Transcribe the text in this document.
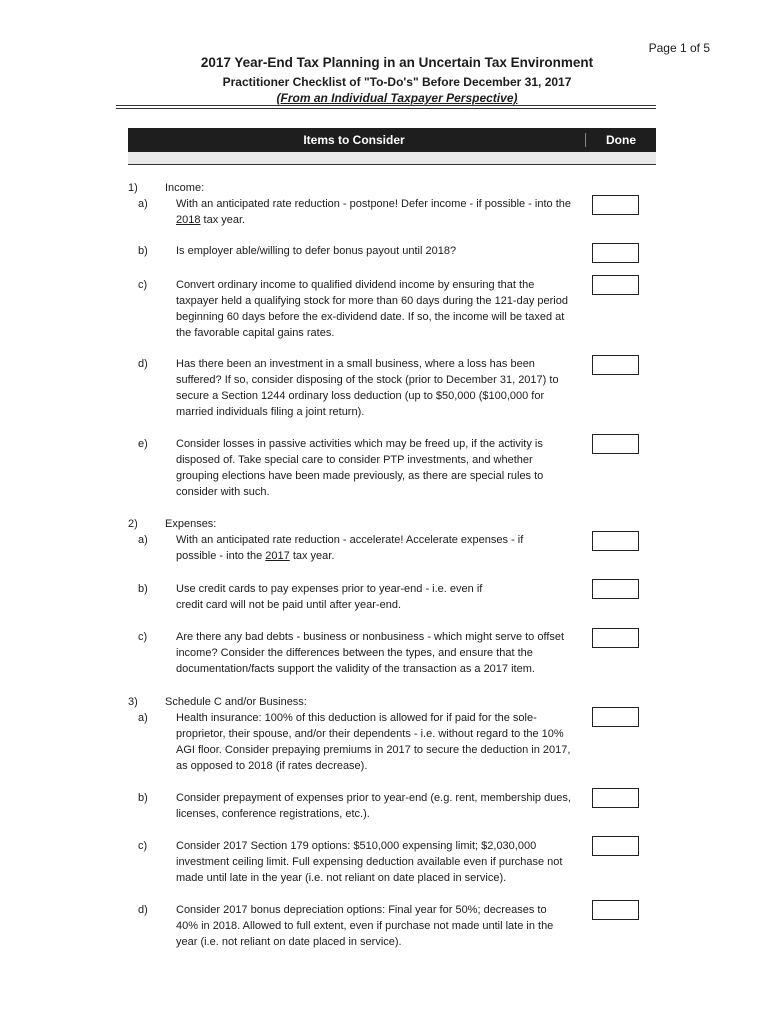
Page 1 of 5
2017 Year-End Tax Planning in an Uncertain Tax Environment
Practitioner Checklist of "To-Do's" Before December 31, 2017
(From an Individual Taxpayer Perspective)
Items to Consider	Done
1) Income:
a)	With an anticipated rate reduction - postpone! Defer income - if possible - into the 2018 tax year.
b)	Is employer able/willing to defer bonus payout until 2018?
c)	Convert ordinary income to qualified dividend income by ensuring that the taxpayer held a qualifying stock for more than 60 days during the 121-day period beginning 60 days before the ex-dividend date. If so, the income will be taxed at the favorable capital gains rates.
d)	Has there been an investment in a small business, where a loss has been suffered? If so, consider disposing of the stock (prior to December 31, 2017) to secure a Section 1244 ordinary loss deduction (up to $50,000 ($100,000 for married individuals filing a joint return).
e)	Consider losses in passive activities which may be freed up, if the activity is disposed of. Take special care to consider PTP investments, and whether grouping elections have been made previously, as there are special rules to consider with such.
2) Expenses:
a)	With an anticipated rate reduction - accelerate! Accelerate expenses - if possible - into the 2017 tax year.
b)	Use credit cards to pay expenses prior to year-end - i.e. even if credit card will not be paid until after year-end.
c)	Are there any bad debts - business or nonbusiness - which might serve to offset income? Consider the differences between the types, and ensure that the documentation/facts support the validity of the transaction as a 2017 item.
3) Schedule C and/or Business:
a)	Health insurance: 100% of this deduction is allowed for if paid for the sole-proprietor, their spouse, and/or their dependents - i.e. without regard to the 10% AGI floor. Consider prepaying premiums in 2017 to secure the deduction in 2017, as opposed to 2018 (if rates decrease).
b)	Consider prepayment of expenses prior to year-end (e.g. rent, membership dues, licenses, conference registrations, etc.).
c)	Consider 2017 Section 179 options: $510,000 expensing limit; $2,030,000 investment ceiling limit. Full expensing deduction available even if purchase not made until late in the year (i.e. not reliant on date placed in service).
d)	Consider 2017 bonus depreciation options: Final year for 50%; decreases to 40% in 2018. Allowed to full extent, even if purchase not made until late in the year (i.e. not reliant on date placed in service).
